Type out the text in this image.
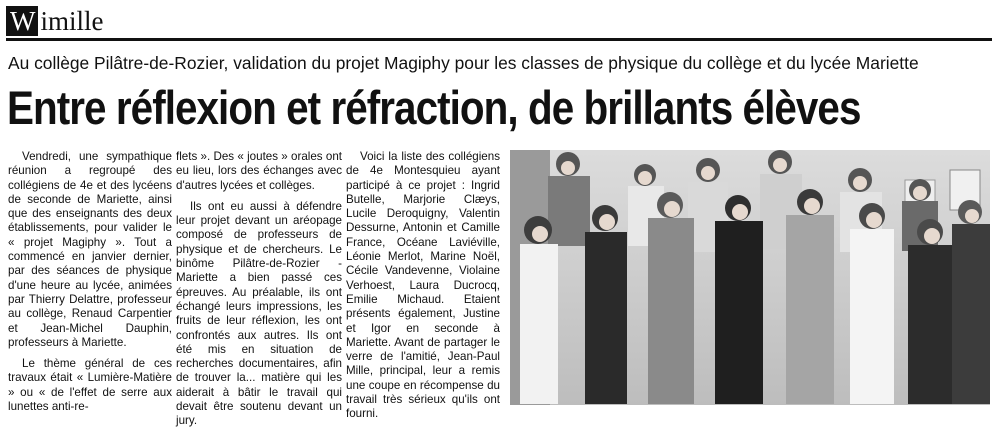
W imille
Au collège Pilâtre-de-Rozier, validation du projet Magiphy pour les classes de physique du collège et du lycée Mariette
Entre réflexion et réfraction, de brillants élèves

Vendredi, une sympathique réunion a regroupé des collégiens de 4e et des lycéens de seconde de Mariette, ainsi que des enseignants des deux établissements, pour valider le « projet Magiphy ». Tout a commencé en janvier dernier, par des séances de physique d'une heure au lycée, animées par Thierry Delattre, professeur au collège, Renaud Carpentier et Jean-Michel Dauphin, professeurs à Mariette.

Le thème général de ces travaux était « Lumière-Matière » ou « de l'effet de serre aux lunettes anti-re-

flets ». Des « joutes » orales ont eu lieu, lors des échanges avec d'autres lycées et collèges.

Ils ont eu aussi à défendre leur projet devant un aréopage composé de professeurs de physique et de chercheurs. Le binôme Pilâtre-de-Rozier - Mariette a bien passé ces épreuves. Au préalable, ils ont échangé leurs impressions, les fruits de leur réflexion, les ont confrontés aux autres. Ils ont été mis en situation de recherches documentaires, afin de trouver la... matière qui les aiderait à bâtir le travail qui devait être soutenu devant un jury.

Voici la liste des collégiens de 4e Montesquieu ayant participé à ce projet : Ingrid Butelle, Marjorie Clæys, Lucile Deroquigny, Valentin Dessurne, Antonin et Camille France, Océane Laviéville, Léonie Merlot, Marine Noël, Cécile Vandevenne, Violaine Verhoest, Laura Ducrocq, Emilie Michaud. Etaient présents également, Justine et Igor en seconde à Mariette. Avant de partager le verre de l'amitié, Jean-Paul Mille, principal, leur a remis une coupe en récompense du travail très sérieux qu'ils ont fourni.
